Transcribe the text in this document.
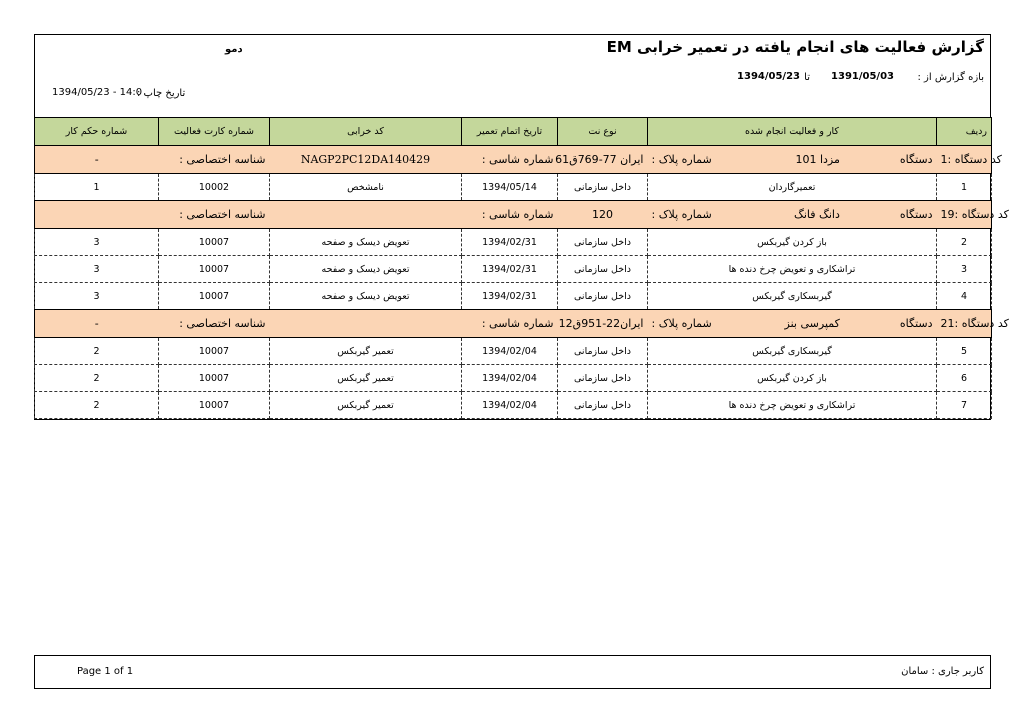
گزارش فعالیت های انجام یافته در تعمیر خرابی EM
دمو
بازه گزارش از :
1391/05/03
تا
1394/05/23
تاریخ چاپ :
1394/05/23 - 14:0
شماره حکم کار	شماره کارت فعالیت	کد خرابی	تاریخ اتمام تعمیر	نوع نت	کار و فعالیت انجام شده	ردیف
-	شناسه اختصاصی :	NAGP2PC12DA140429	شماره شاسی :	ایران 77-769ق61	شماره پلاک : مزدا 101 دستگاه	1 کد دستگاه :

1	10002	نامشخص	1394/05/14	داخل سازمانی	تعمیرگاردان	1
	شناسه اختصاصی :		شماره شاسی :	120	شماره پلاک : دانگ فانگ دستگاه	19 کد دستگاه :

3	10007	تعویض دیسک و صفحه	1394/02/31	داخل سازمانی	باز کردن گیربکس	2
3	10007	تعویض دیسک و صفحه	1394/02/31	داخل سازمانی	تراشکاری و تعویض چرخ دنده ها	3
3	10007	تعویض دیسک و صفحه	1394/02/31	داخل سازمانی	گیربسکاری گیربکس	4
-	شناسه اختصاصی :		شماره شاسی :	ایران22-951ق12	شماره پلاک : کمپرسی بنز دستگاه	21 کد دستگاه :

2	10007	تعمیر گیربکس	1394/02/04	داخل سازمانی	گیربسکاری گیربکس	5
2	10007	تعمیر گیربکس	1394/02/04	داخل سازمانی	باز کردن گیربکس	6
2	10007	تعمیر گیربکس	1394/02/04	داخل سازمانی	تراشکاری و تعویض چرخ دنده ها	7
کاربر جاری : سامان
Page 1 of 1
